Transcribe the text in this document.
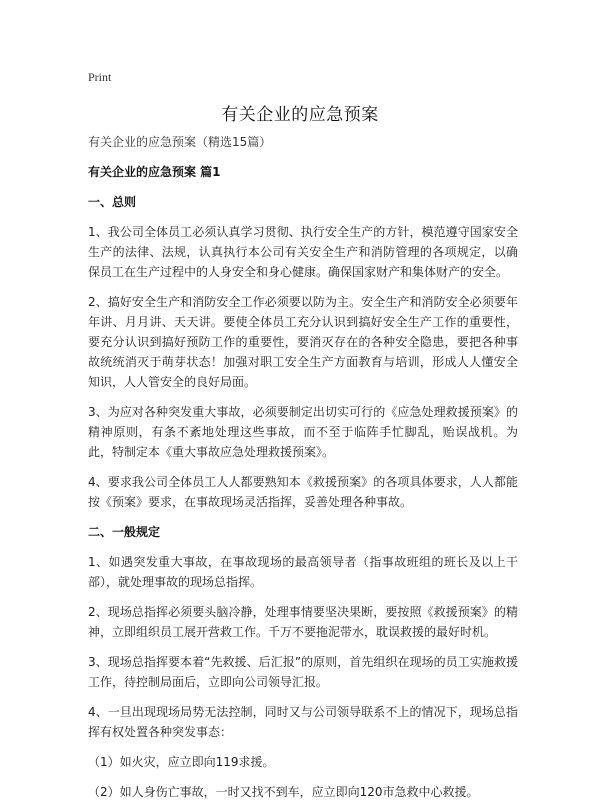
Print
有关企业的应急预案

有关企业的应急预案（精选15篇）

有关企业的应急预案 篇1

一、总则

1、我公司全体员工必须认真学习贯彻、执行安全生产的方针，模范遵守国家安全生产的法律、法规，认真执行本公司有关安全生产和消防管理的各项规定，以确保员工在生产过程中的人身安全和身心健康。确保国家财产和集体财产的安全。

2、搞好安全生产和消防安全工作必须要以防为主。安全生产和消防安全必须要年年讲、月月讲、天天讲。要使全体员工充分认识到搞好安全生产工作的重要性，要充分认识到搞好预防工作的重要性，要消灭存在的各种安全隐患，要把各种事故统统消灭于萌芽状态！加强对职工安全生产方面教育与培训，形成人人懂安全知识，人人管安全的良好局面。

3、为应对各种突发重大事故，必须要制定出切实可行的《应急处理救援预案》的精神原则，有条不紊地处理这些事故，而不至于临阵手忙脚乱，贻误战机。为此，特制定本《重大事故应急处理救援预案》。

4、要求我公司全体员工人人都要熟知本《救援预案》的各项具体要求，人人都能按《预案》要求，在事故现场灵活指挥，妥善处理各种事故。

二、一般规定

1、如遇突发重大事故，在事故现场的最高领导者（指事故班组的班长及以上干部），就处理事故的现场总指挥。

2、现场总指挥必须要头脑冷静，处理事情要坚决果断，要按照《救援预案》的精神，立即组织员工展开营救工作。千万不要拖泥带水，耽误救援的最好时机。

3、现场总指挥要本着“先救援、后汇报”的原则，首先组织在现场的员工实施救援工作，待控制局面后，立即向公司领导汇报。

4、一旦出现现场局势无法控制，同时又与公司领导联系不上的情况下，现场总指挥有权处置各种突发事态：

（1）如火灾，应立即向119求援。

（2）如人身伤亡事故，一时又找不到车，应立即向120市急救中心救援。
